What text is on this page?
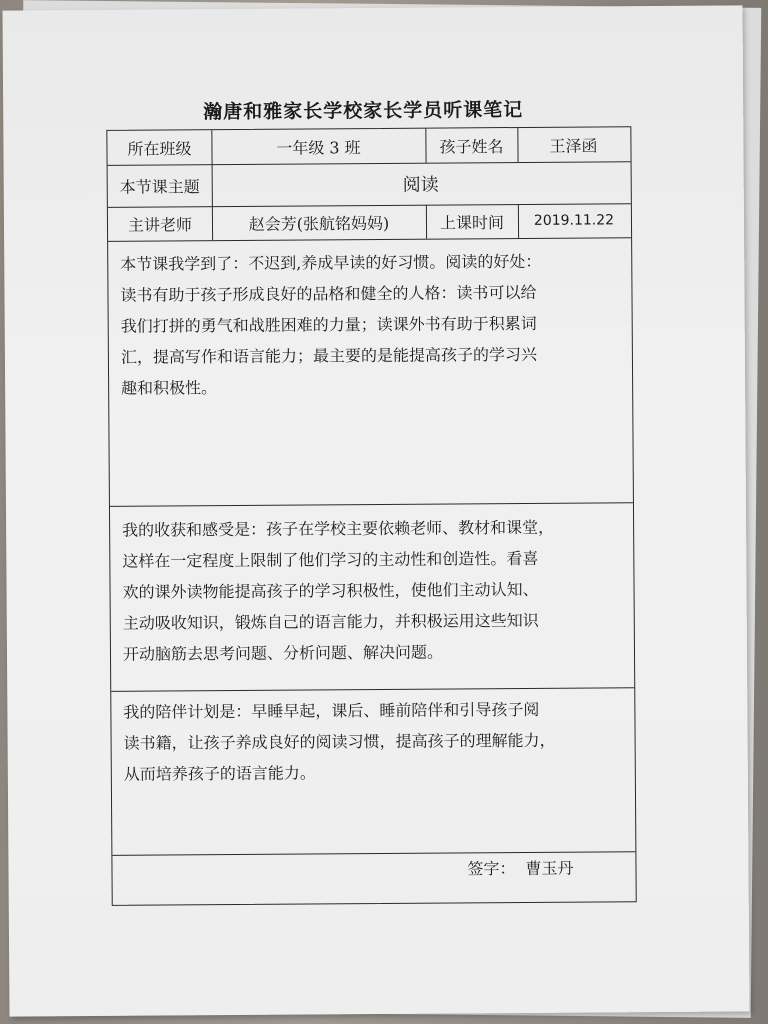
瀚唐和雅家长学校家长学员听课笔记
所在班级	一年级 3 班	孩子姓名	王泽函
本节课主题	阅读
主讲老师	赵会芳(张航铭妈妈)	上课时间	2019.11.22
本节课我学到了：不迟到,养成早读的好习惯。阅读的好处：
读书有助于孩子形成良好的品格和健全的人格：读书可以给
我们打拼的勇气和战胜困难的力量；读课外书有助于积累词
汇，提高写作和语言能力；最主要的是能提高孩子的学习兴
趣和积极性。
我的收获和感受是：孩子在学校主要依赖老师、教材和课堂，
这样在一定程度上限制了他们学习的主动性和创造性。看喜
欢的课外读物能提高孩子的学习积极性，使他们主动认知、
主动吸收知识，锻炼自己的语言能力，并积极运用这些知识
开动脑筋去思考问题、分析问题、解决问题。
我的陪伴计划是：早睡早起，课后、睡前陪伴和引导孩子阅
读书籍，让孩子养成良好的阅读习惯，提高孩子的理解能力，
从而培养孩子的语言能力。
签字： 曹玉丹
